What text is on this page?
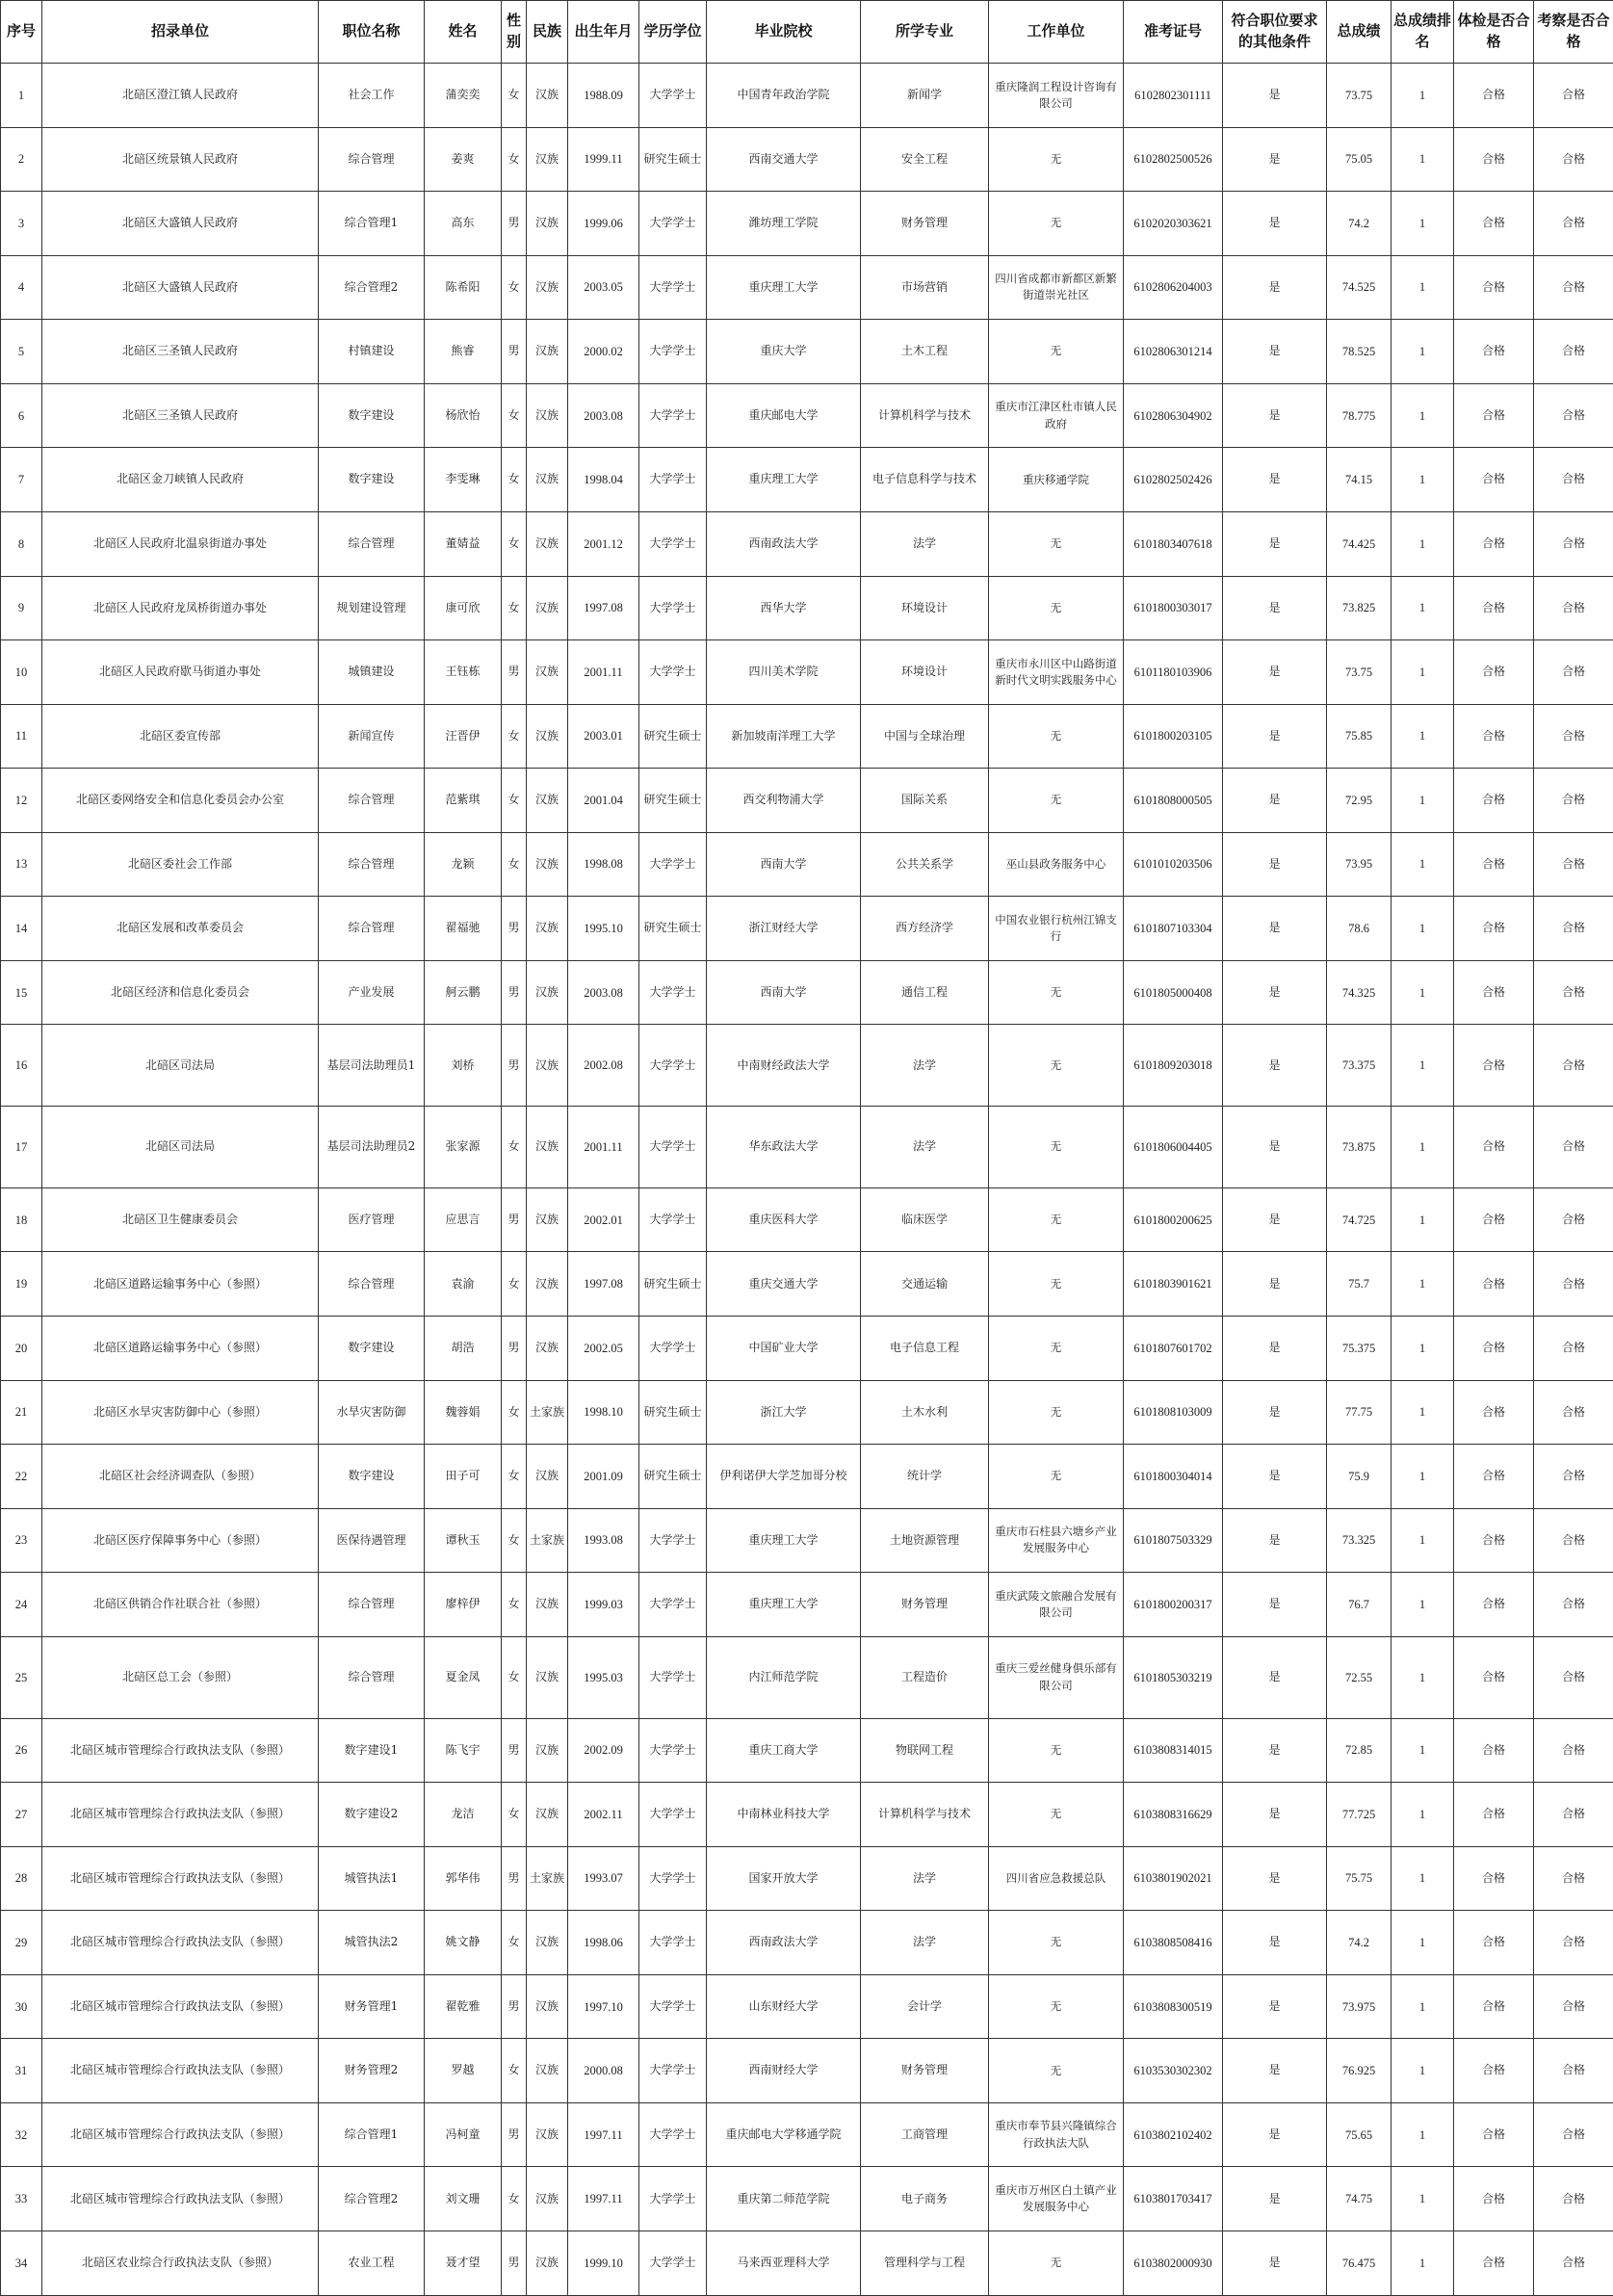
序号	招录单位	职位名称	姓名	性别	民族	出生年月	学历学位	毕业院校	所学专业	工作单位	准考证号	符合职位要求的其他条件	总成绩	总成绩排名	体检是否合格	考察是否合格
1	北碚区澄江镇人民政府	社会工作	蒲奕奕	女	汉族	1988.09	大学学士	中国青年政治学院	新闻学	重庆隆润工程设计咨询有限公司	6102802301111	是	73.75	1	合格	合格
2	北碚区统景镇人民政府	综合管理	姜爽	女	汉族	1999.11	研究生硕士	西南交通大学	安全工程	无	6102802500526	是	75.05	1	合格	合格
3	北碚区大盛镇人民政府	综合管理1	高东	男	汉族	1999.06	大学学士	潍坊理工学院	财务管理	无	6102020303621	是	74.2	1	合格	合格
4	北碚区大盛镇人民政府	综合管理2	陈希阳	女	汉族	2003.05	大学学士	重庆理工大学	市场营销	四川省成都市新都区新繁街道崇光社区	6102806204003	是	74.525	1	合格	合格
5	北碚区三圣镇人民政府	村镇建设	熊睿	男	汉族	2000.02	大学学士	重庆大学	土木工程	无	6102806301214	是	78.525	1	合格	合格
6	北碚区三圣镇人民政府	数字建设	杨欣怡	女	汉族	2003.08	大学学士	重庆邮电大学	计算机科学与技术	重庆市江津区杜市镇人民政府	6102806304902	是	78.775	1	合格	合格
7	北碚区金刀峡镇人民政府	数字建设	李雯琳	女	汉族	1998.04	大学学士	重庆理工大学	电子信息科学与技术	重庆移通学院	6102802502426	是	74.15	1	合格	合格
8	北碚区人民政府北温泉街道办事处	综合管理	董婧益	女	汉族	2001.12	大学学士	西南政法大学	法学	无	6101803407618	是	74.425	1	合格	合格
9	北碚区人民政府龙凤桥街道办事处	规划建设管理	康可欣	女	汉族	1997.08	大学学士	西华大学	环境设计	无	6101800303017	是	73.825	1	合格	合格
10	北碚区人民政府歇马街道办事处	城镇建设	王钰栋	男	汉族	2001.11	大学学士	四川美术学院	环境设计	重庆市永川区中山路街道新时代文明实践服务中心	6101180103906	是	73.75	1	合格	合格
11	北碚区委宣传部	新闻宣传	汪晋伊	女	汉族	2003.01	研究生硕士	新加坡南洋理工大学	中国与全球治理	无	6101800203105	是	75.85	1	合格	合格
12	北碚区委网络安全和信息化委员会办公室	综合管理	范紫琪	女	汉族	2001.04	研究生硕士	西交利物浦大学	国际关系	无	6101808000505	是	72.95	1	合格	合格
13	北碚区委社会工作部	综合管理	龙颖	女	汉族	1998.08	大学学士	西南大学	公共关系学	巫山县政务服务中心	6101010203506	是	73.95	1	合格	合格
14	北碚区发展和改革委员会	综合管理	翟福驰	男	汉族	1995.10	研究生硕士	浙江财经大学	西方经济学	中国农业银行杭州江锦支行	6101807103304	是	78.6	1	合格	合格
15	北碚区经济和信息化委员会	产业发展	舸云鹏	男	汉族	2003.08	大学学士	西南大学	通信工程	无	6101805000408	是	74.325	1	合格	合格
16	北碚区司法局	基层司法助理员1	刘桥	男	汉族	2002.08	大学学士	中南财经政法大学	法学	无	6101809203018	是	73.375	1	合格	合格
17	北碚区司法局	基层司法助理员2	张家源	女	汉族	2001.11	大学学士	华东政法大学	法学	无	6101806004405	是	73.875	1	合格	合格
18	北碚区卫生健康委员会	医疗管理	应思言	男	汉族	2002.01	大学学士	重庆医科大学	临床医学	无	6101800200625	是	74.725	1	合格	合格
19	北碚区道路运输事务中心（参照）	综合管理	袁渝	女	汉族	1997.08	研究生硕士	重庆交通大学	交通运输	无	6101803901621	是	75.7	1	合格	合格
20	北碚区道路运输事务中心（参照）	数字建设	胡浩	男	汉族	2002.05	大学学士	中国矿业大学	电子信息工程	无	6101807601702	是	75.375	1	合格	合格
21	北碚区水旱灾害防御中心（参照）	水旱灾害防御	魏蓉娟	女	土家族	1998.10	研究生硕士	浙江大学	土木水利	无	6101808103009	是	77.75	1	合格	合格
22	北碚区社会经济调查队（参照）	数字建设	田子可	女	汉族	2001.09	研究生硕士	伊利诺伊大学芝加哥分校	统计学	无	6101800304014	是	75.9	1	合格	合格
23	北碚区医疗保障事务中心（参照）	医保待遇管理	谭秋玉	女	土家族	1993.08	大学学士	重庆理工大学	土地资源管理	重庆市石柱县六塘乡产业发展服务中心	6101807503329	是	73.325	1	合格	合格
24	北碚区供销合作社联合社（参照）	综合管理	廖梓伊	女	汉族	1999.03	大学学士	重庆理工大学	财务管理	重庆武陵文旅融合发展有限公司	6101800200317	是	76.7	1	合格	合格
25	北碚区总工会（参照）	综合管理	夏金凤	女	汉族	1995.03	大学学士	内江师范学院	工程造价	重庆三爱丝健身俱乐部有限公司	6101805303219	是	72.55	1	合格	合格
26	北碚区城市管理综合行政执法支队（参照）	数字建设1	陈飞宇	男	汉族	2002.09	大学学士	重庆工商大学	物联网工程	无	6103808314015	是	72.85	1	合格	合格
27	北碚区城市管理综合行政执法支队（参照）	数字建设2	龙洁	女	汉族	2002.11	大学学士	中南林业科技大学	计算机科学与技术	无	6103808316629	是	77.725	1	合格	合格
28	北碚区城市管理综合行政执法支队（参照）	城管执法1	郭华伟	男	土家族	1993.07	大学学士	国家开放大学	法学	四川省应急救援总队	6103801902021	是	75.75	1	合格	合格
29	北碚区城市管理综合行政执法支队（参照）	城管执法2	姚文静	女	汉族	1998.06	大学学士	西南政法大学	法学	无	6103808508416	是	74.2	1	合格	合格
30	北碚区城市管理综合行政执法支队（参照）	财务管理1	翟乾雅	男	汉族	1997.10	大学学士	山东财经大学	会计学	无	6103808300519	是	73.975	1	合格	合格
31	北碚区城市管理综合行政执法支队（参照）	财务管理2	罗越	女	汉族	2000.08	大学学士	西南财经大学	财务管理	无	6103530302302	是	76.925	1	合格	合格
32	北碚区城市管理综合行政执法支队（参照）	综合管理1	冯柯童	男	汉族	1997.11	大学学士	重庆邮电大学移通学院	工商管理	重庆市奉节县兴隆镇综合行政执法大队	6103802102402	是	75.65	1	合格	合格
33	北碚区城市管理综合行政执法支队（参照）	综合管理2	刘文珊	女	汉族	1997.11	大学学士	重庆第二师范学院	电子商务	重庆市万州区白土镇产业发展服务中心	6103801703417	是	74.75	1	合格	合格
34	北碚区农业综合行政执法支队（参照）	农业工程	聂才望	男	汉族	1999.10	大学学士	马来西亚理科大学	管理科学与工程	无	6103802000930	是	76.475	1	合格	合格
